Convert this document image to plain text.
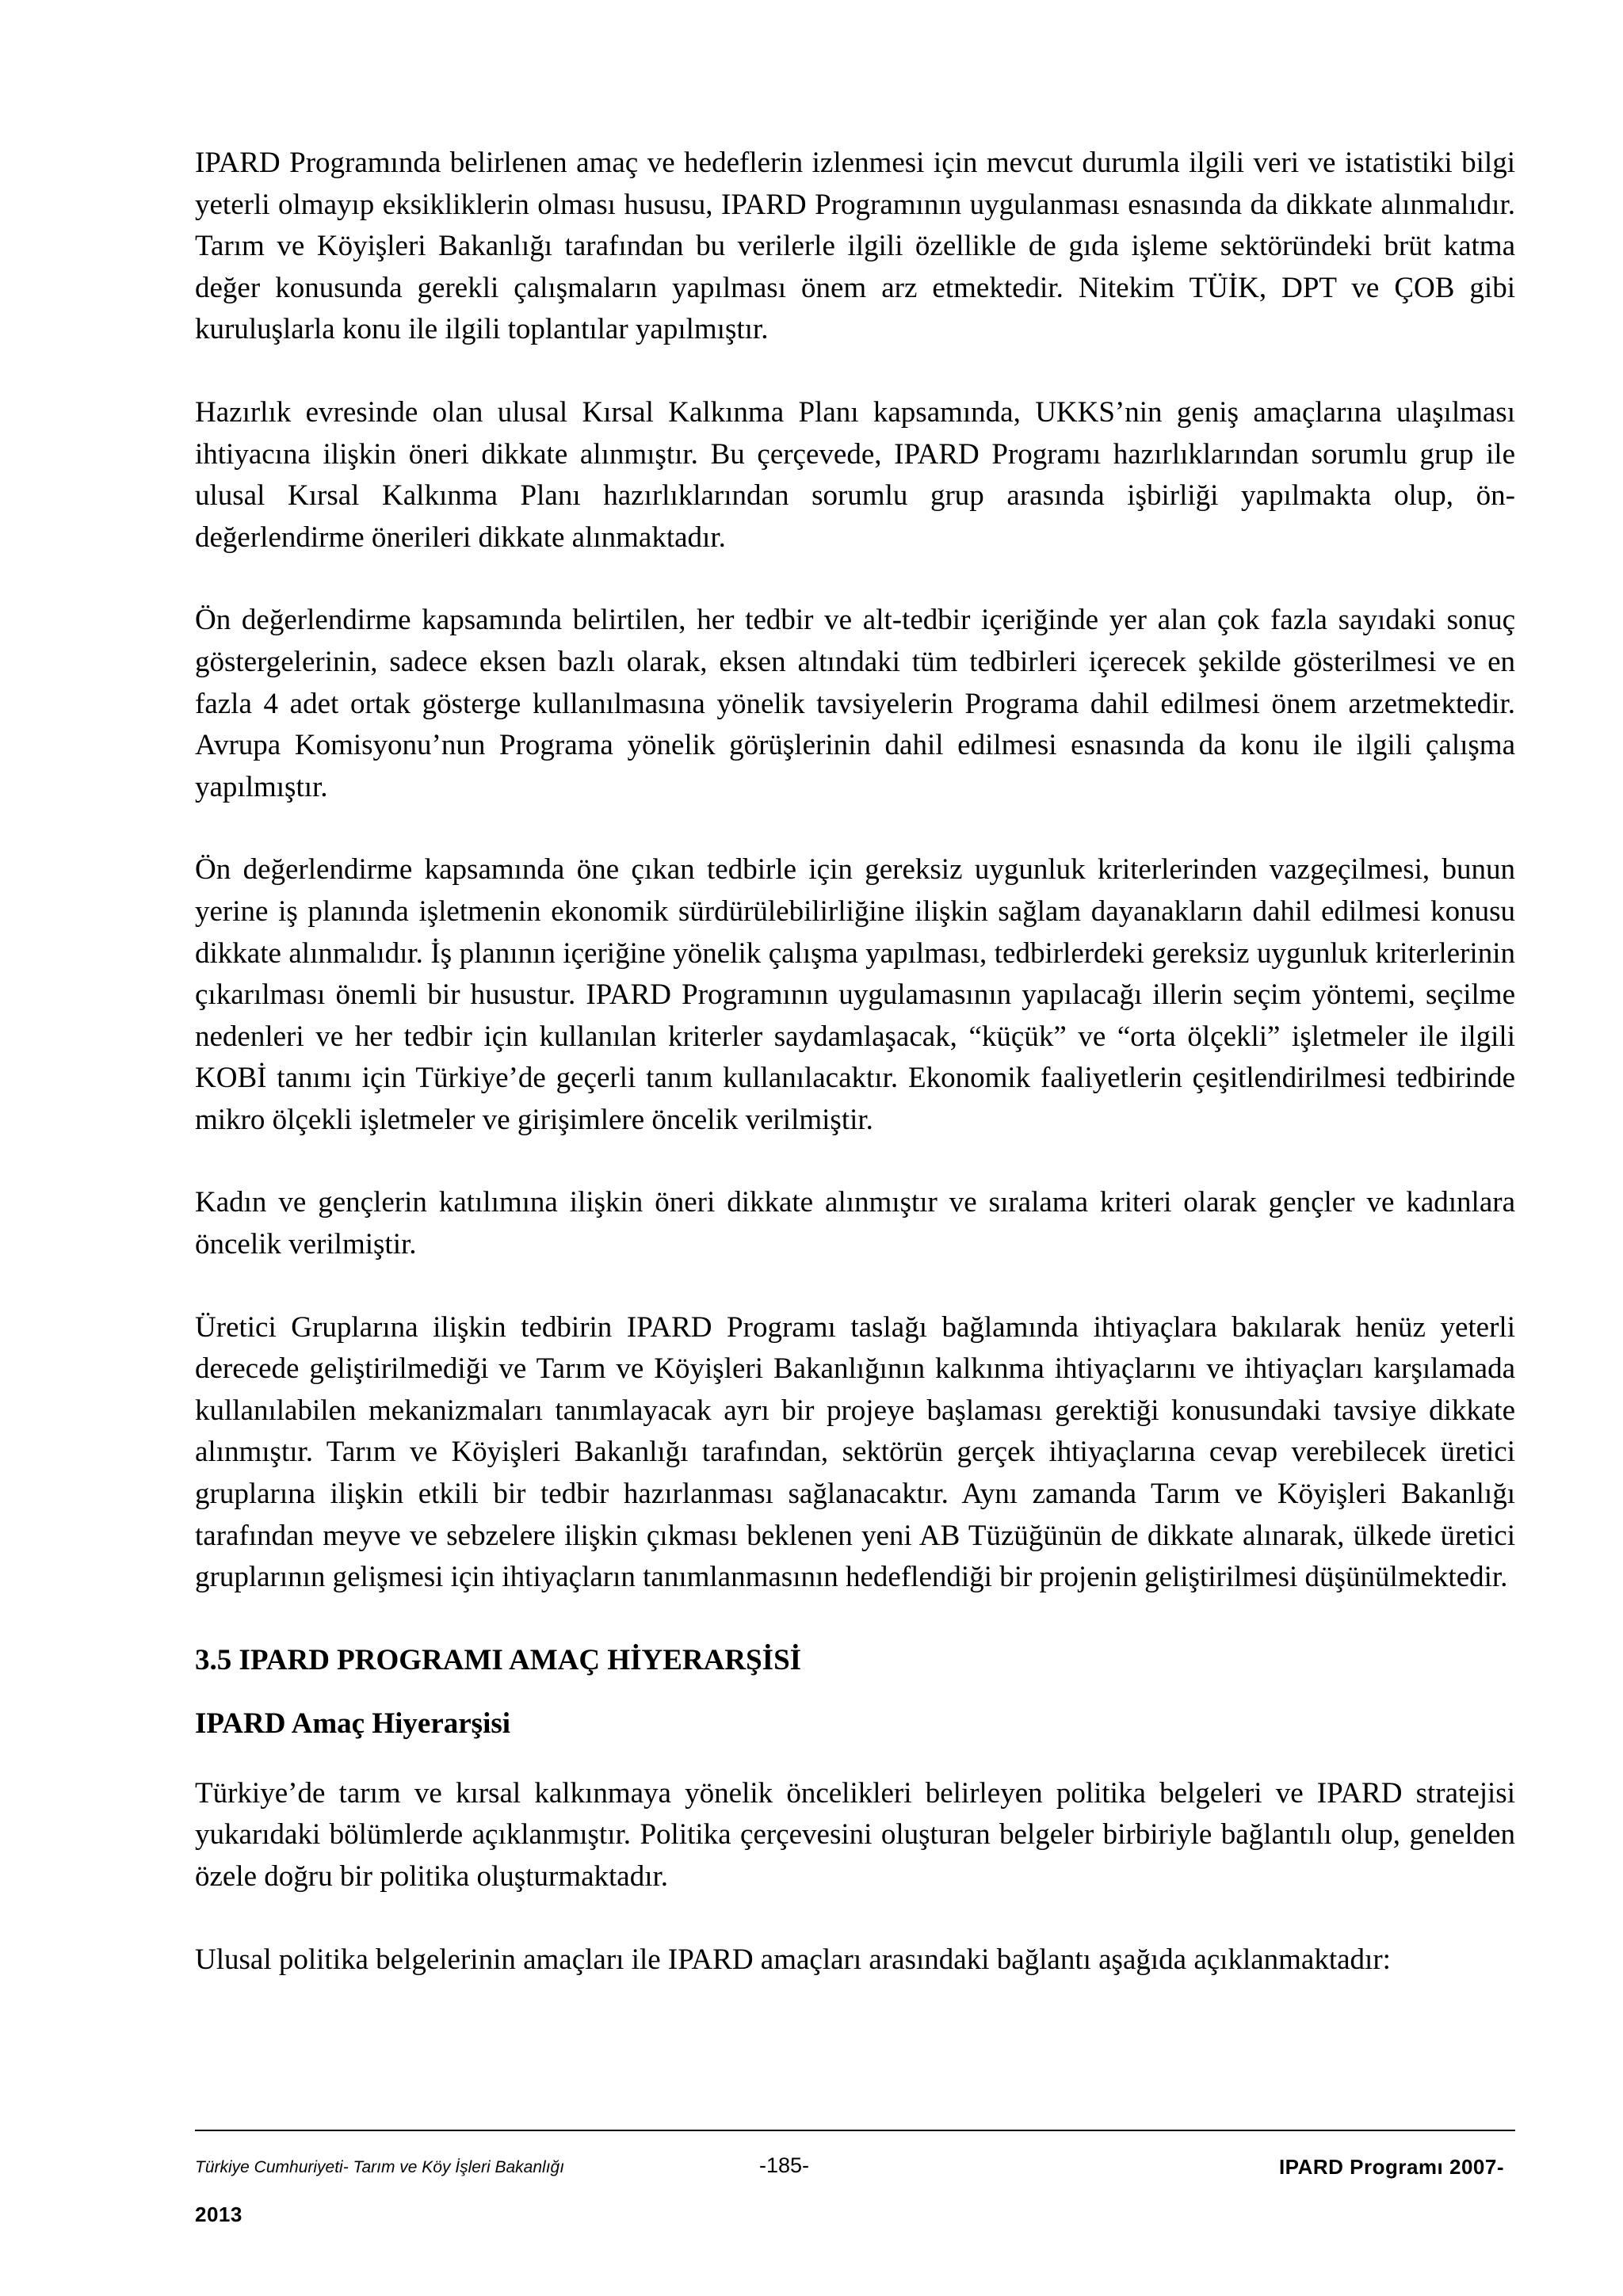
IPARD Programında belirlenen amaç ve hedeflerin izlenmesi için mevcut durumla ilgili veri ve istatistiki bilgi yeterli olmayıp eksikliklerin olması hususu, IPARD Programının uygulanması esnasında da dikkate alınmalıdır. Tarım ve Köyişleri Bakanlığı tarafından bu verilerle ilgili özellikle de gıda işleme sektöründeki brüt katma değer konusunda gerekli çalışmaların yapılması önem arz etmektedir. Nitekim TÜİK, DPT ve ÇOB gibi kuruluşlarla konu ile ilgili toplantılar yapılmıştır.

Hazırlık evresinde olan ulusal Kırsal Kalkınma Planı kapsamında, UKKS’nin geniş amaçlarına ulaşılması ihtiyacına ilişkin öneri dikkate alınmıştır. Bu çerçevede, IPARD Programı hazırlıklarından sorumlu grup ile ulusal Kırsal Kalkınma Planı hazırlıklarından sorumlu grup arasında işbirliği yapılmakta olup, ön-değerlendirme önerileri dikkate alınmaktadır.

Ön değerlendirme kapsamında belirtilen, her tedbir ve alt-tedbir içeriğinde yer alan çok fazla sayıdaki sonuç göstergelerinin, sadece eksen bazlı olarak, eksen altındaki tüm tedbirleri içerecek şekilde gösterilmesi ve en fazla 4 adet ortak gösterge kullanılmasına yönelik tavsiyelerin Programa dahil edilmesi önem arzetmektedir. Avrupa Komisyonu’nun Programa yönelik görüşlerinin dahil edilmesi esnasında da konu ile ilgili çalışma yapılmıştır.

Ön değerlendirme kapsamında öne çıkan tedbirle için gereksiz uygunluk kriterlerinden vazgeçilmesi, bunun yerine iş planında işletmenin ekonomik sürdürülebilirliğine ilişkin sağlam dayanakların dahil edilmesi konusu dikkate alınmalıdır. İş planının içeriğine yönelik çalışma yapılması, tedbirlerdeki gereksiz uygunluk kriterlerinin çıkarılması önemli bir husustur. IPARD Programının uygulamasının yapılacağı illerin seçim yöntemi, seçilme nedenleri ve her tedbir için kullanılan kriterler saydamlaşacak, “küçük” ve “orta ölçekli” işletmeler ile ilgili KOBİ tanımı için Türkiye’de geçerli tanım kullanılacaktır. Ekonomik faaliyetlerin çeşitlendirilmesi tedbirinde mikro ölçekli işletmeler ve girişimlere öncelik verilmiştir.

Kadın ve gençlerin katılımına ilişkin öneri dikkate alınmıştır ve sıralama kriteri olarak gençler ve kadınlara öncelik verilmiştir.

Üretici Gruplarına ilişkin tedbirin IPARD Programı taslağı bağlamında ihtiyaçlara bakılarak henüz yeterli derecede geliştirilmediği ve Tarım ve Köyişleri Bakanlığının kalkınma ihtiyaçlarını ve ihtiyaçları karşılamada kullanılabilen mekanizmaları tanımlayacak ayrı bir projeye başlaması gerektiği konusundaki tavsiye dikkate alınmıştır. Tarım ve Köyişleri Bakanlığı tarafından, sektörün gerçek ihtiyaçlarına cevap verebilecek üretici gruplarına ilişkin etkili bir tedbir hazırlanması sağlanacaktır. Aynı zamanda Tarım ve Köyişleri Bakanlığı tarafından meyve ve sebzelere ilişkin çıkması beklenen yeni AB Tüzüğünün de dikkate alınarak, ülkede üretici gruplarının gelişmesi için ihtiyaçların tanımlanmasının hedeflendiği bir projenin geliştirilmesi düşünülmektedir.

3.5 IPARD PROGRAMI AMAÇ HİYERARŞİSİ
IPARD Amaç Hiyerarşisi

Türkiye’de tarım ve kırsal kalkınmaya yönelik öncelikleri belirleyen politika belgeleri ve IPARD stratejisi yukarıdaki bölümlerde açıklanmıştır. Politika çerçevesini oluşturan belgeler birbiriyle bağlantılı olup, genelden özele doğru bir politika oluşturmaktadır.

Ulusal politika belgelerinin amaçları ile IPARD amaçları arasındaki bağlantı aşağıda açıklanmaktadır:

Türkiye Cumhuriyeti- Tarım ve Köy İşleri Bakanlığı	-185-	IPARD Programı 2007-
2013
